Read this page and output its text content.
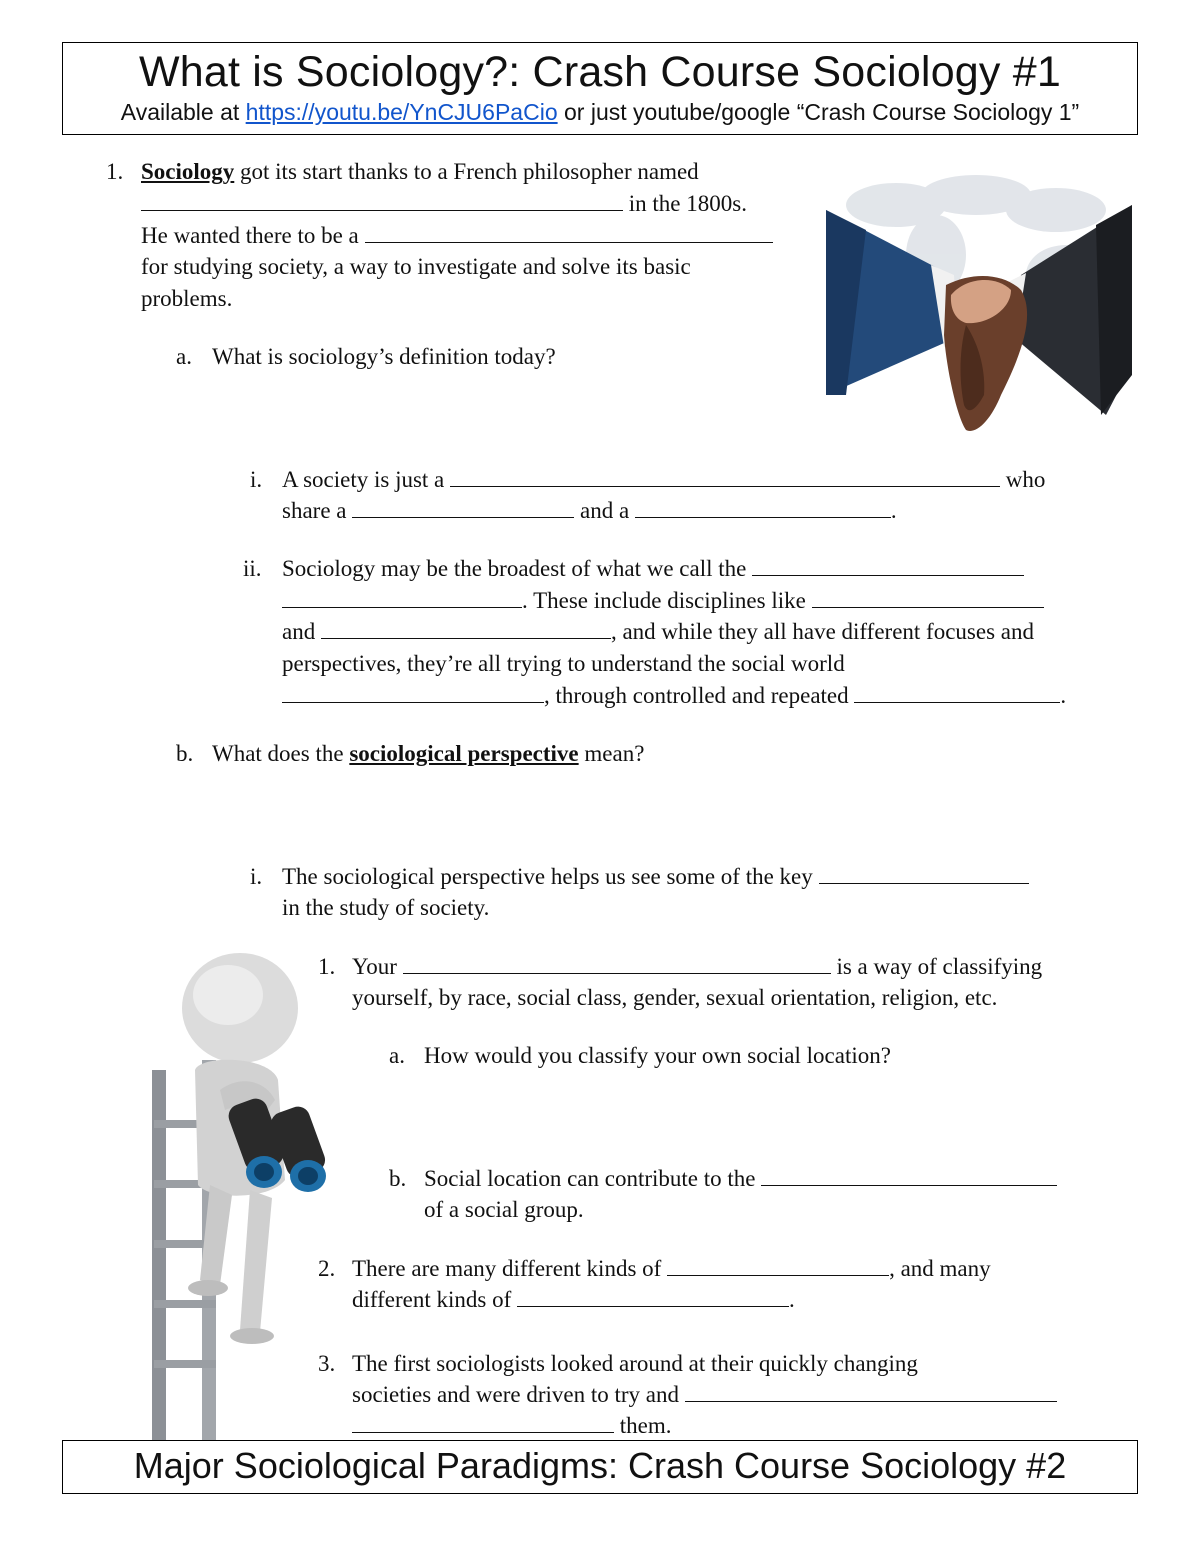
What is Sociology?: Crash Course Sociology #1
Available at https://youtu.be/YnCJU6PaCio or just youtube/google “Crash Course Sociology 1”
1. Sociology got its start thanks to a French philosopher named
in the 1800s.
He wanted there to be a
for studying society, a way to investigate and solve its basic
problems.
a. What is sociology’s definition today?
i. A society is just a	who
share a	and a	.
ii. Sociology may be the broadest of what we call the
. These include disciplines like
and	, and while they all have different focuses and
perspectives, they’re all trying to understand the social world
, through controlled and repeated	.
b. What does the sociological perspective mean?
i. The sociological perspective helps us see some of the key
in the study of society.
1. Your	is a way of classifying
yourself, by race, social class, gender, sexual orientation, religion, etc.
a. How would you classify your own social location?
b. Social location can contribute to the
of a social group.
2. There are many different kinds of	, and many
different kinds of	.
3. The first sociologists looked around at their quickly changing
societies and were driven to try and
them.
Major Sociological Paradigms: Crash Course Sociology #2
